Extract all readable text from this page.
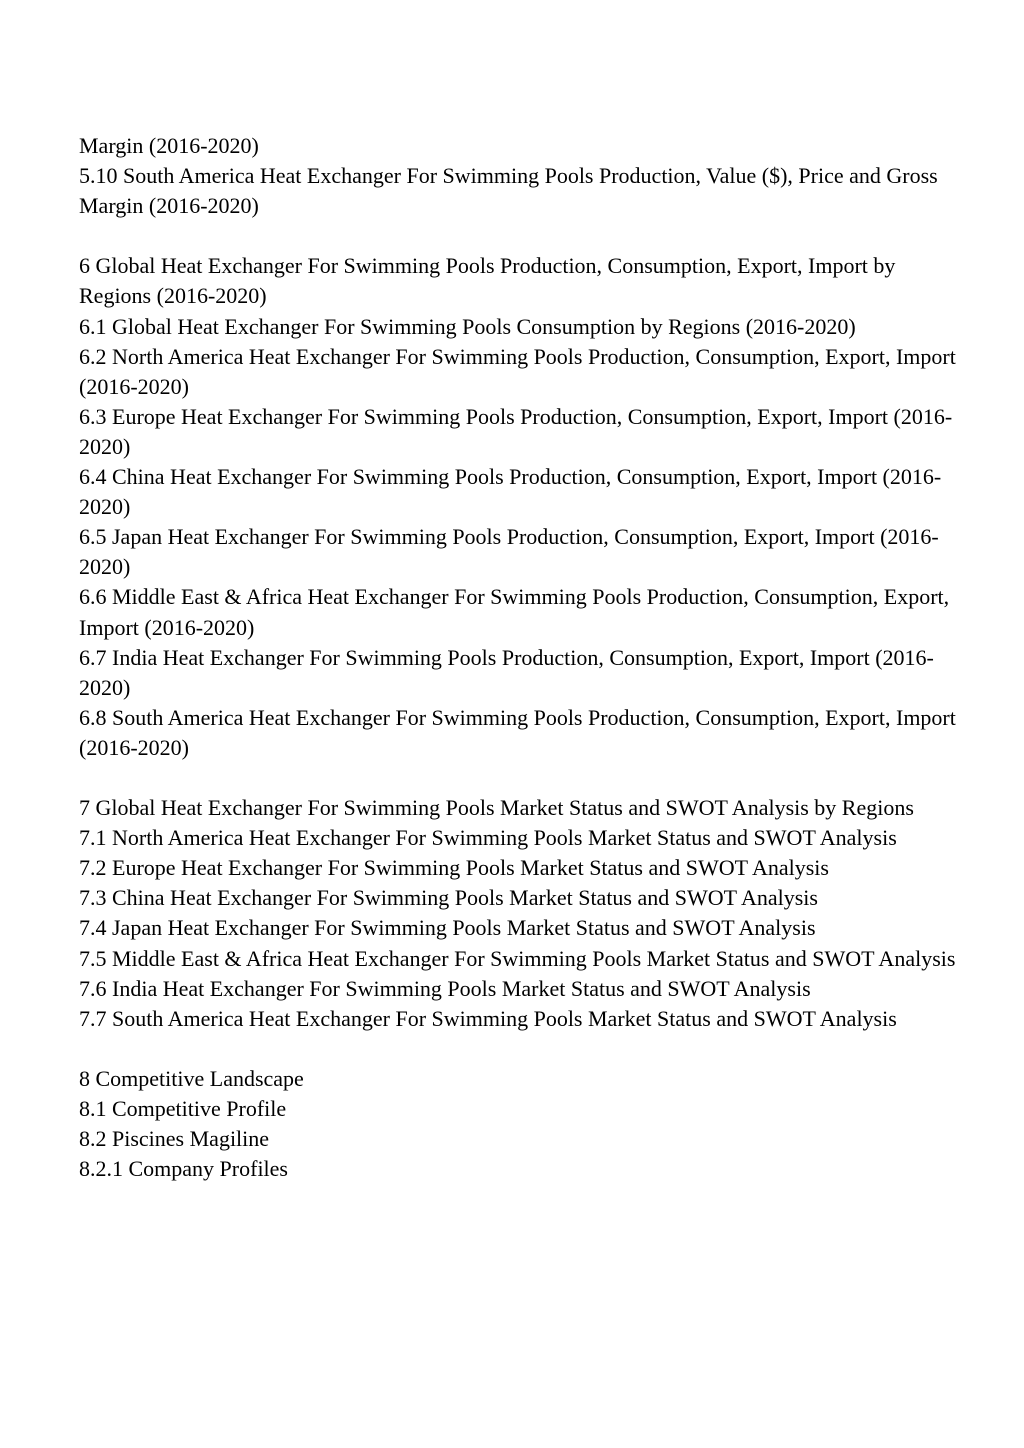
Margin (2016-2020)
5.10 South America Heat Exchanger For Swimming Pools Production, Value ($), Price and Gross Margin (2016-2020)
6 Global Heat Exchanger For Swimming Pools Production, Consumption, Export, Import by Regions (2016-2020)
6.1 Global Heat Exchanger For Swimming Pools Consumption by Regions (2016-2020)
6.2 North America Heat Exchanger For Swimming Pools Production, Consumption, Export, Import (2016-2020)
6.3 Europe Heat Exchanger For Swimming Pools Production, Consumption, Export, Import (2016-2020)
6.4 China Heat Exchanger For Swimming Pools Production, Consumption, Export, Import (2016-2020)
6.5 Japan Heat Exchanger For Swimming Pools Production, Consumption, Export, Import (2016-2020)
6.6 Middle East & Africa Heat Exchanger For Swimming Pools Production, Consumption, Export, Import (2016-2020)
6.7 India Heat Exchanger For Swimming Pools Production, Consumption, Export, Import (2016-2020)
6.8 South America Heat Exchanger For Swimming Pools Production, Consumption, Export, Import (2016-2020)
7 Global Heat Exchanger For Swimming Pools Market Status and SWOT Analysis by Regions
7.1 North America Heat Exchanger For Swimming Pools Market Status and SWOT Analysis
7.2 Europe Heat Exchanger For Swimming Pools Market Status and SWOT Analysis
7.3 China Heat Exchanger For Swimming Pools Market Status and SWOT Analysis
7.4 Japan Heat Exchanger For Swimming Pools Market Status and SWOT Analysis
7.5 Middle East & Africa Heat Exchanger For Swimming Pools Market Status and SWOT Analysis
7.6 India Heat Exchanger For Swimming Pools Market Status and SWOT Analysis
7.7 South America Heat Exchanger For Swimming Pools Market Status and SWOT Analysis
8 Competitive Landscape
8.1 Competitive Profile
8.2 Piscines Magiline
8.2.1 Company Profiles
